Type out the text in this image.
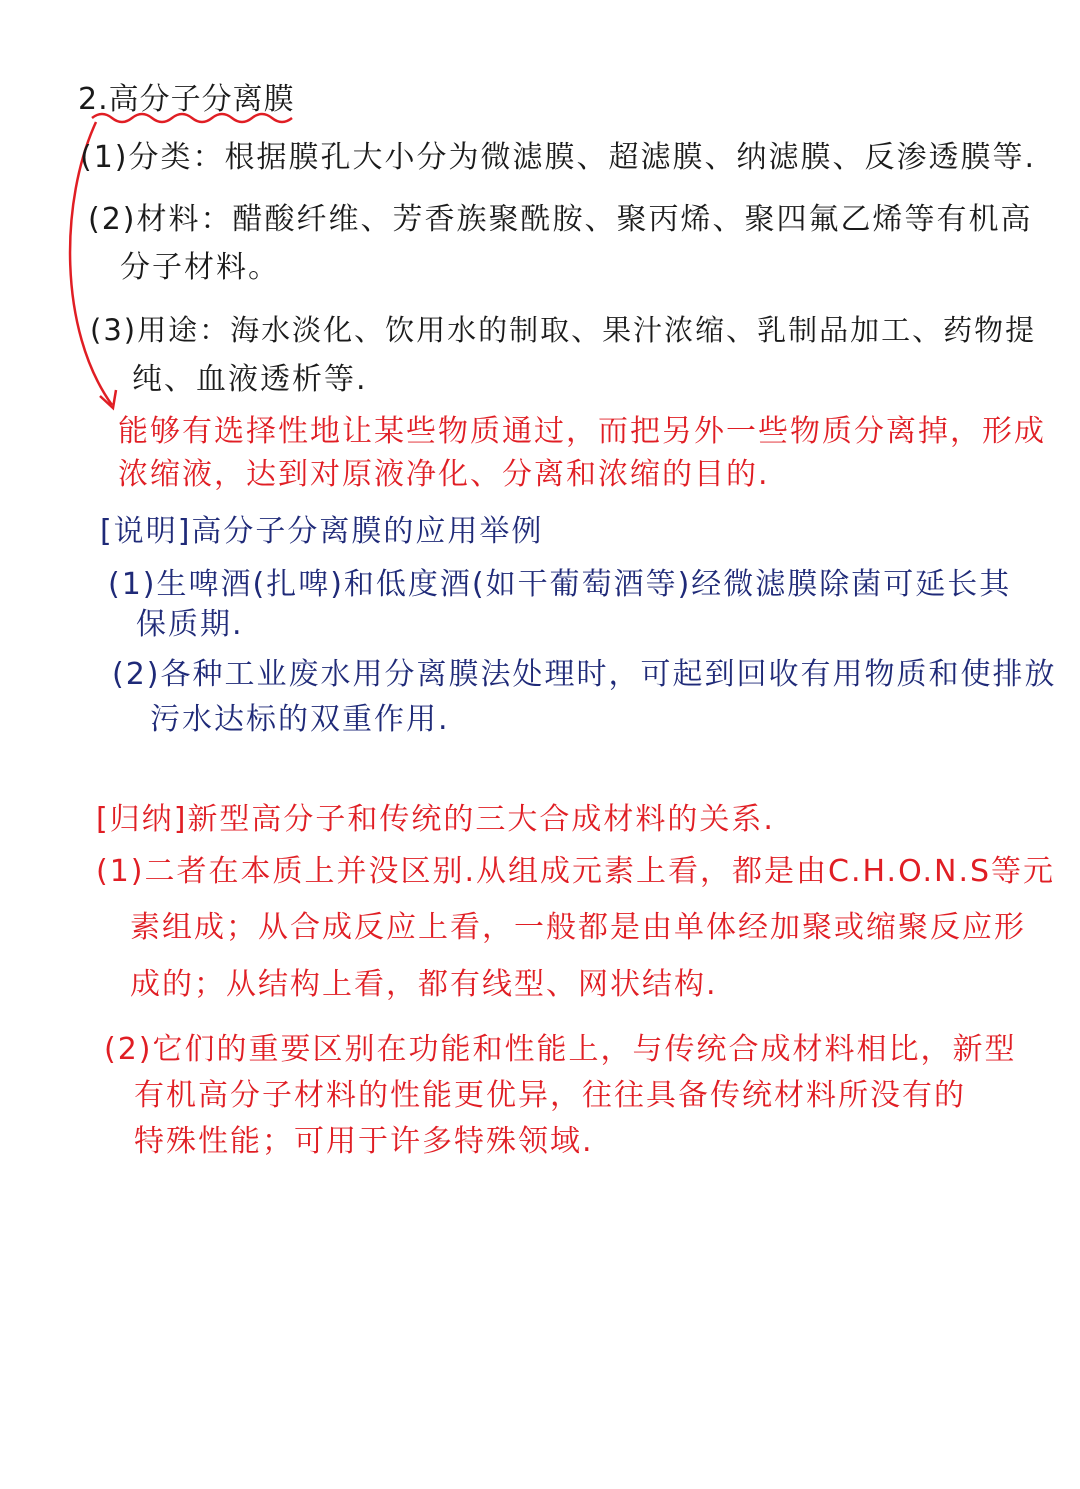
2.高分子分离膜
(1)分类：根据膜孔大小分为微滤膜、超滤膜、纳滤膜、反渗透膜等.
(2)材料：醋酸纤维、芳香族聚酰胺、聚丙烯、聚四氟乙烯等有机高
分子材料。
(3)用途：海水淡化、饮用水的制取、果汁浓缩、乳制品加工、药物提
纯、血液透析等.
能够有选择性地让某些物质通过，而把另外一些物质分离掉，形成
浓缩液，达到对原液净化、分离和浓缩的目的.
[说明]高分子分离膜的应用举例
(1)生啤酒(扎啤)和低度酒(如干葡萄酒等)经微滤膜除菌可延长其
保质期.
(2)各种工业废水用分离膜法处理时，可起到回收有用物质和使排放
污水达标的双重作用.
[归纳]新型高分子和传统的三大合成材料的关系.
(1)二者在本质上并没区别.从组成元素上看，都是由C.H.O.N.S等元
素组成；从合成反应上看，一般都是由单体经加聚或缩聚反应形
成的；从结构上看，都有线型、网状结构.
(2)它们的重要区别在功能和性能上，与传统合成材料相比，新型
有机高分子材料的性能更优异，往往具备传统材料所没有的
特殊性能；可用于许多特殊领域.
